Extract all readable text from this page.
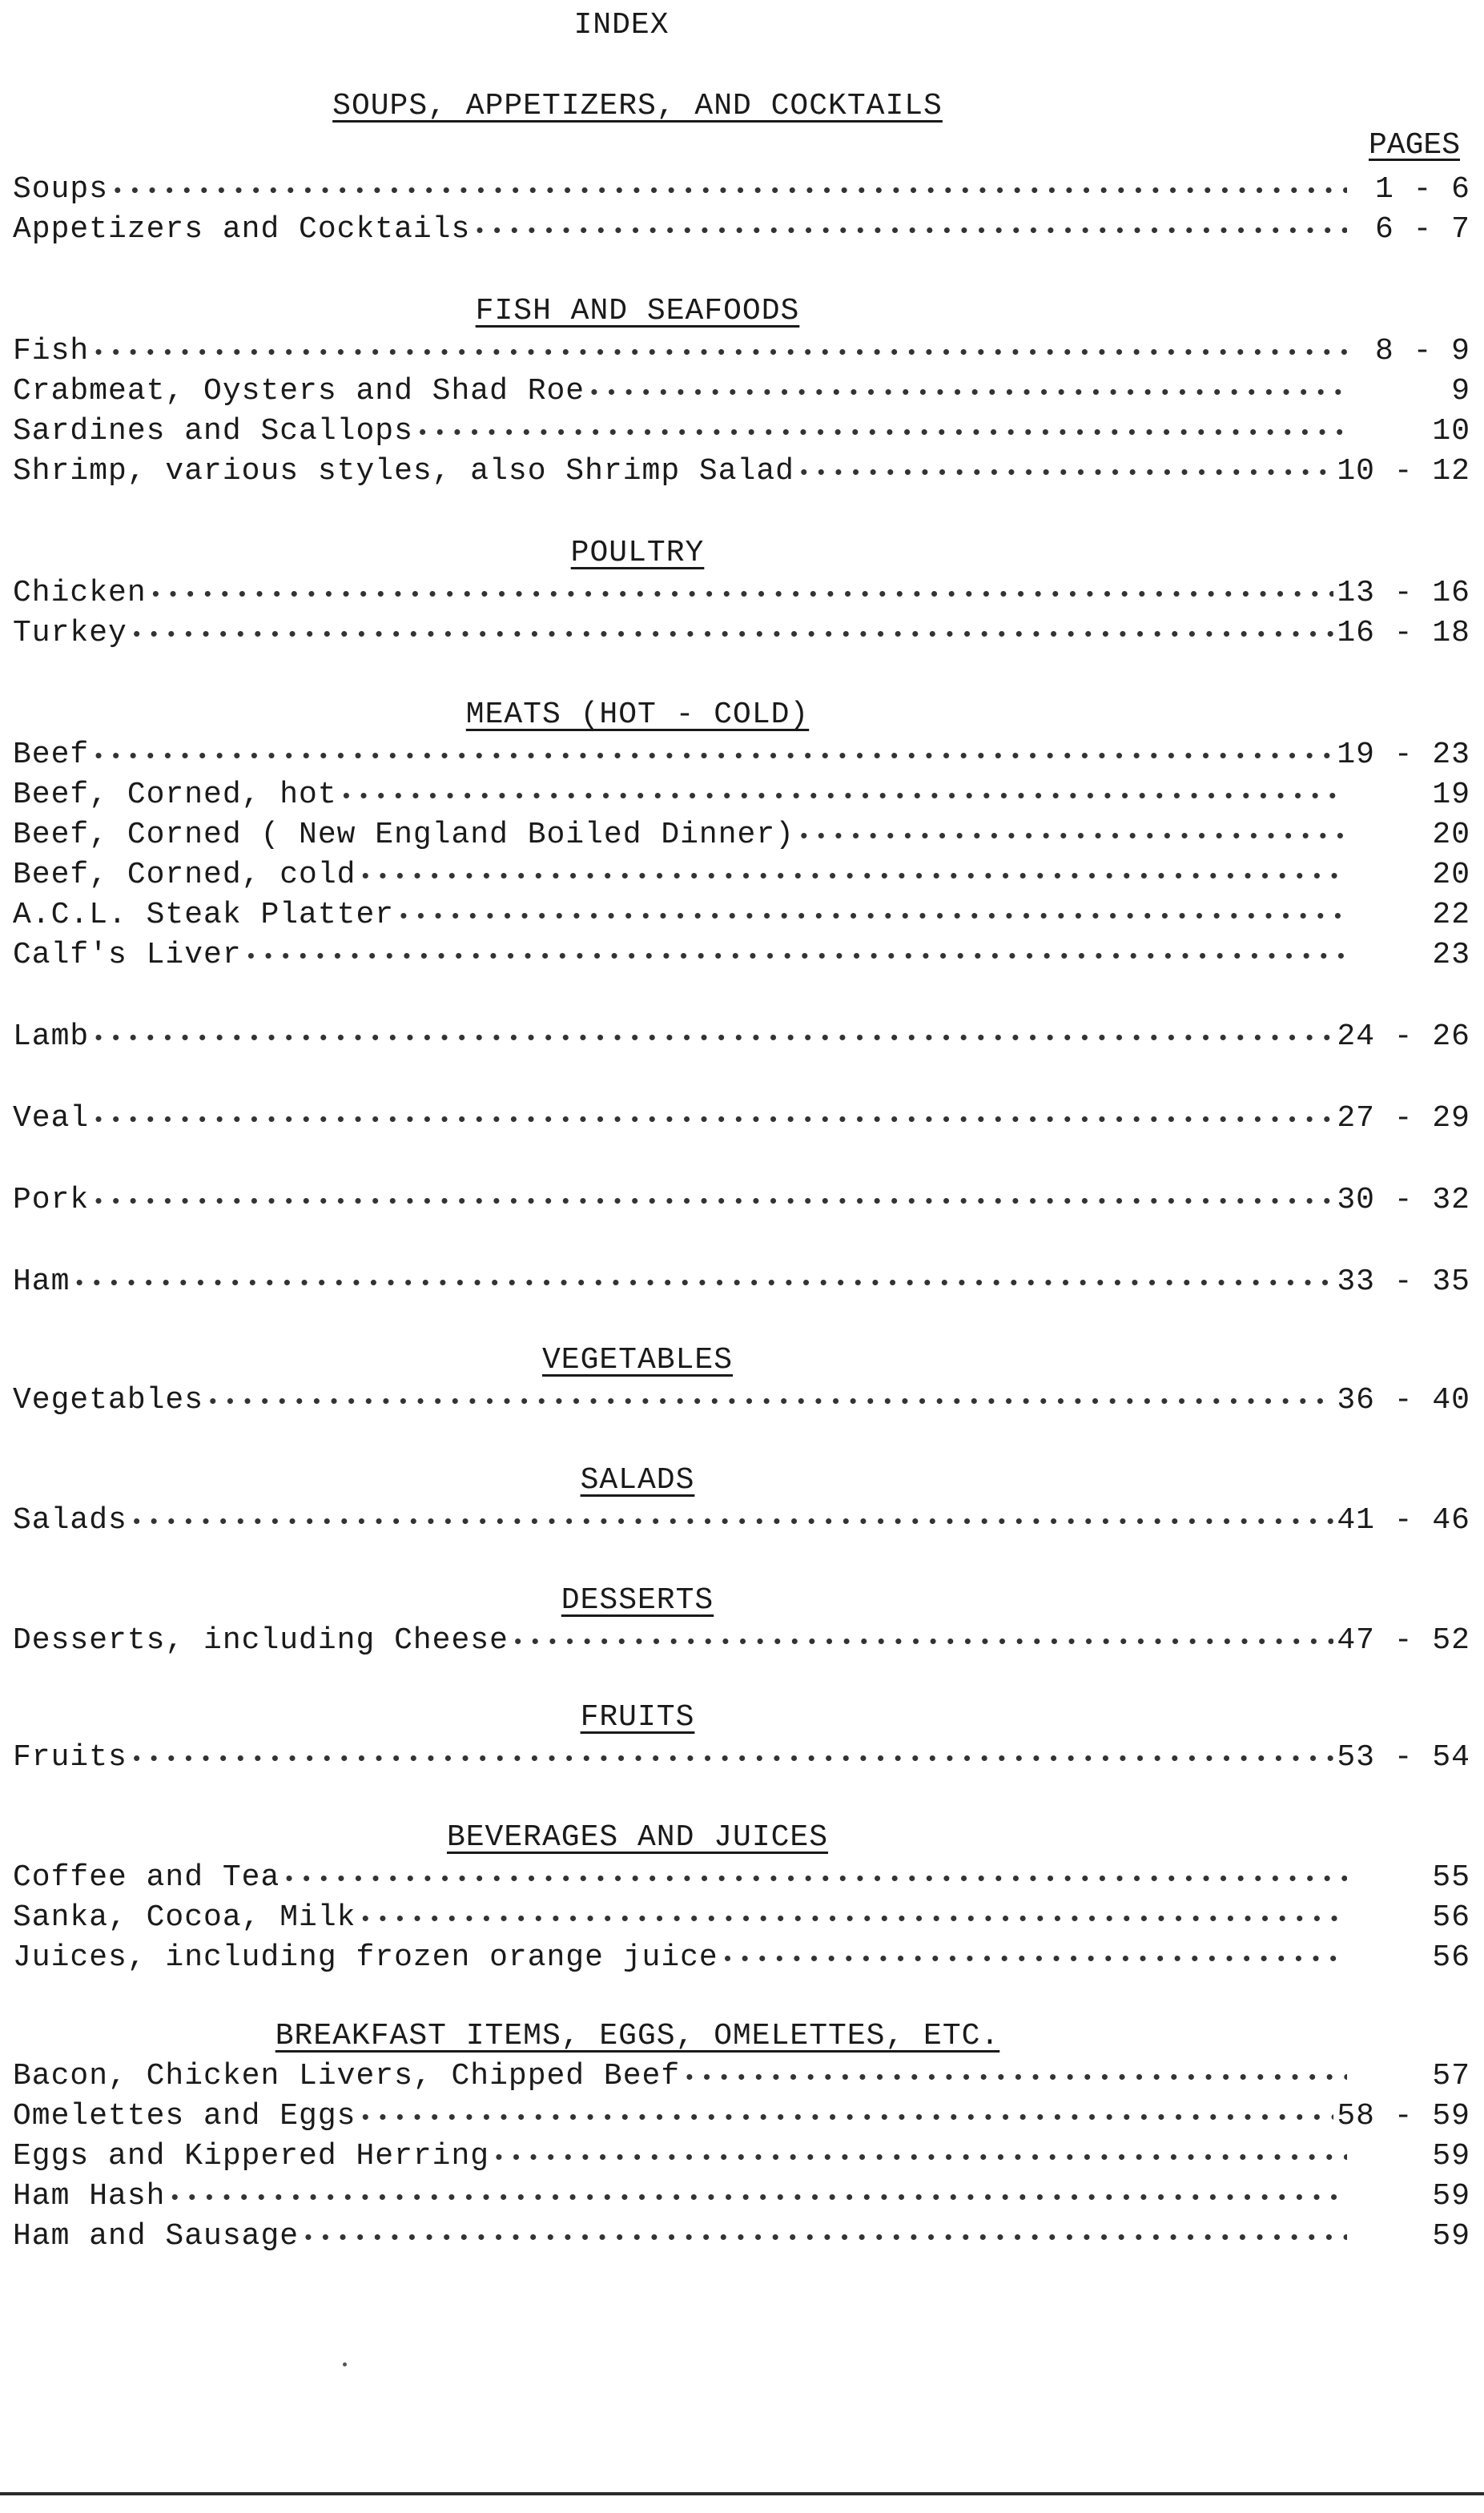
INDEX
SOUPS, APPETIZERS, AND COCKTAILS
PAGES
Soups •••••	1 - 6
Appetizers and Cocktails •••••	6 - 7
FISH AND SEAFOODS
Fish •••••	8 - 9
Crabmeat, Oysters and Shad Roe •••••	9
Sardines and Scallops •••••	10
Shrimp, various styles, also Shrimp Salad •••••	10 - 12
POULTRY
Chicken •••••	13 - 16
Turkey •••••	16 - 18
MEATS (HOT - COLD)
Beef •••••	19 - 23
Beef, Corned, hot •••••	19
Beef, Corned ( New England Boiled Dinner) •••••	20
Beef, Corned, cold •••••	20
A.C.L. Steak Platter •••••	22
Calf's Liver •••••	23
Lamb •••••	24 - 26
Veal •••••	27 - 29
Pork •••••	30 - 32
Ham •••••	33 - 35
VEGETABLES
Vegetables •••••	36 - 40
SALADS
Salads •••••	41 - 46
DESSERTS
Desserts, including Cheese •••••	47 - 52
FRUITS
Fruits •••••	53 - 54
BEVERAGES AND JUICES
Coffee and Tea •••••	55
Sanka, Cocoa, Milk •••••	56
Juices, including frozen orange juice •••••	56
BREAKFAST ITEMS, EGGS, OMELETTES, ETC.
Bacon, Chicken Livers, Chipped Beef •••••	57
Omelettes and Eggs •••••	58 - 59
Eggs and Kippered Herring •••••	59
Ham Hash •••••	59
Ham and Sausage •••••	59
